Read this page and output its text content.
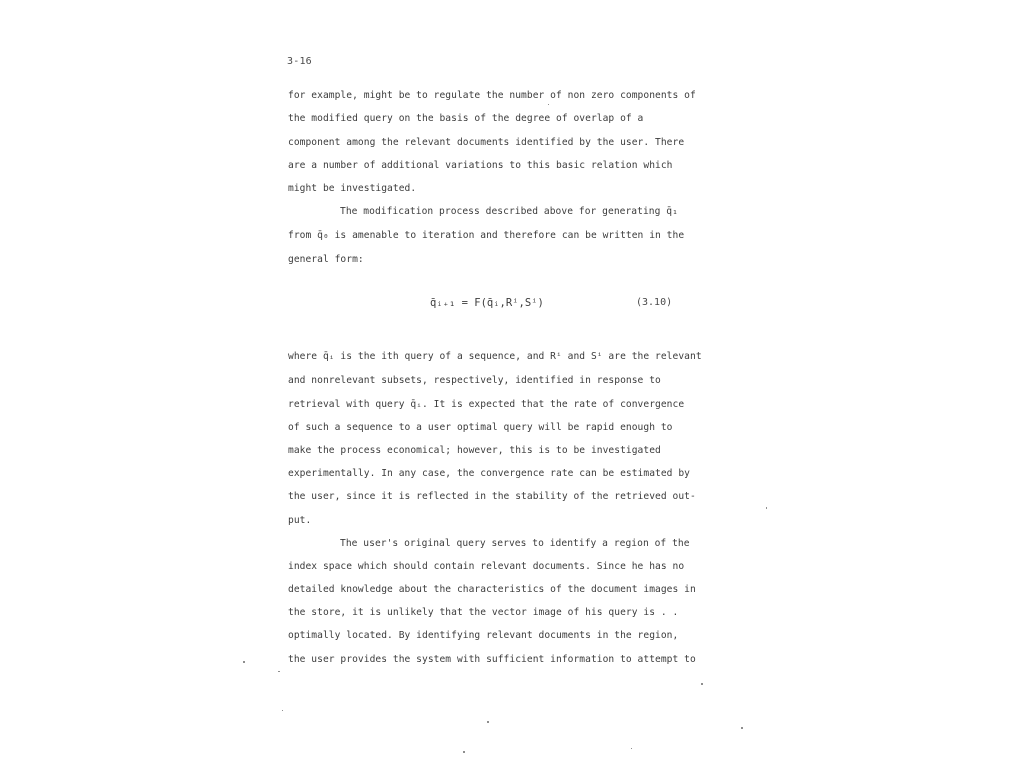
3-16
for example, might be to regulate the number of non zero components of
the modified query on the basis of the degree of overlap of a
component among the relevant documents identified by the user. There
are a number of additional variations to this basic relation which
might be investigated.
The modification process described above for generating q̄₁
from q̄₀ is amenable to iteration and therefore can be written in the
general form:
q̄ᵢ₊₁ = F(q̄ᵢ,Rⁱ,Sⁱ)	(3.10)
where q̄ᵢ is the ith query of a sequence, and Rⁱ and Sⁱ are the relevant
and nonrelevant subsets, respectively, identified in response to
retrieval with query q̄ᵢ. It is expected that the rate of convergence
of such a sequence to a user optimal query will be rapid enough to
make the process economical; however, this is to be investigated
experimentally. In any case, the convergence rate can be estimated by
the user, since it is reflected in the stability of the retrieved out-
put.
The user's original query serves to identify a region of the
index space which should contain relevant documents. Since he has no
detailed knowledge about the characteristics of the document images in
the store, it is unlikely that the vector image of his query is . .
optimally located. By identifying relevant documents in the region,
the user provides the system with sufficient information to attempt to
